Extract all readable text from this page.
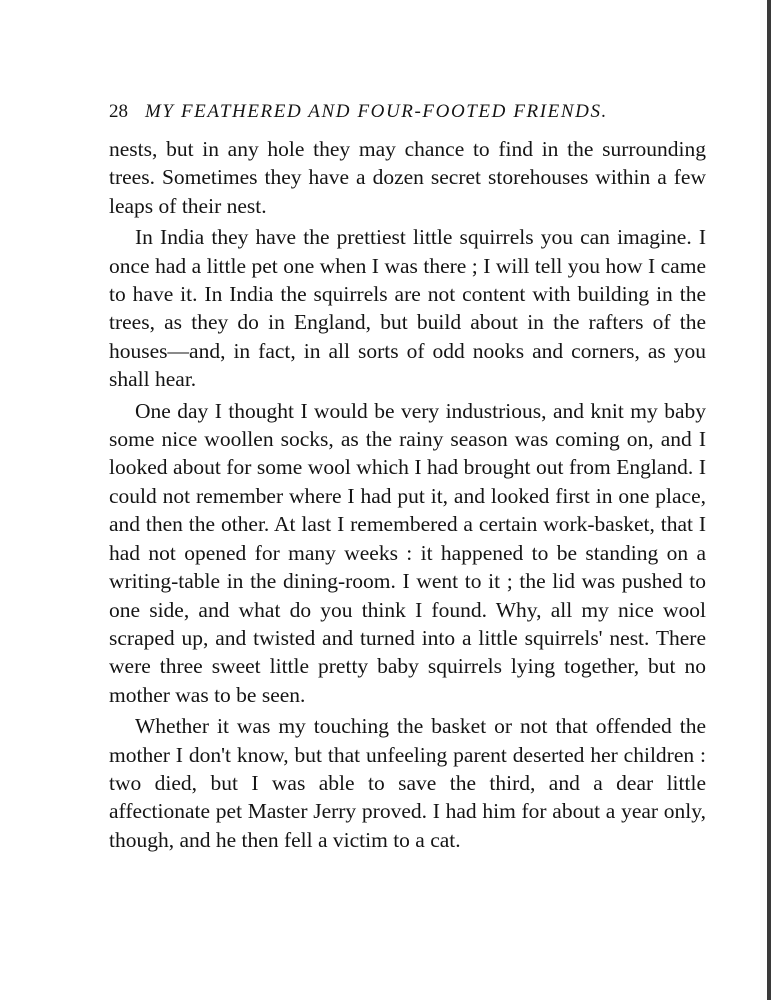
28 MY FEATHERED AND FOUR-FOOTED FRIENDS.

nests, but in any hole they may chance to find in the surrounding trees. Sometimes they have a dozen secret storehouses within a few leaps of their nest.

In India they have the prettiest little squirrels you can imagine. I once had a little pet one when I was there ; I will tell you how I came to have it. In India the squirrels are not content with building in the trees, as they do in England, but build about in the rafters of the houses—and, in fact, in all sorts of odd nooks and corners, as you shall hear.

One day I thought I would be very industrious, and knit my baby some nice woollen socks, as the rainy season was coming on, and I looked about for some wool which I had brought out from England. I could not remember where I had put it, and looked first in one place, and then the other. At last I remembered a certain work-basket, that I had not opened for many weeks : it happened to be standing on a writing-table in the dining-room. I went to it ; the lid was pushed to one side, and what do you think I found. Why, all my nice wool scraped up, and twisted and turned into a little squirrels' nest. There were three sweet little pretty baby squirrels lying together, but no mother was to be seen.

Whether it was my touching the basket or not that offended the mother I don't know, but that unfeeling parent deserted her children : two died, but I was able to save the third, and a dear little affectionate pet Master Jerry proved. I had him for about a year only, though, and he then fell a victim to a cat.
